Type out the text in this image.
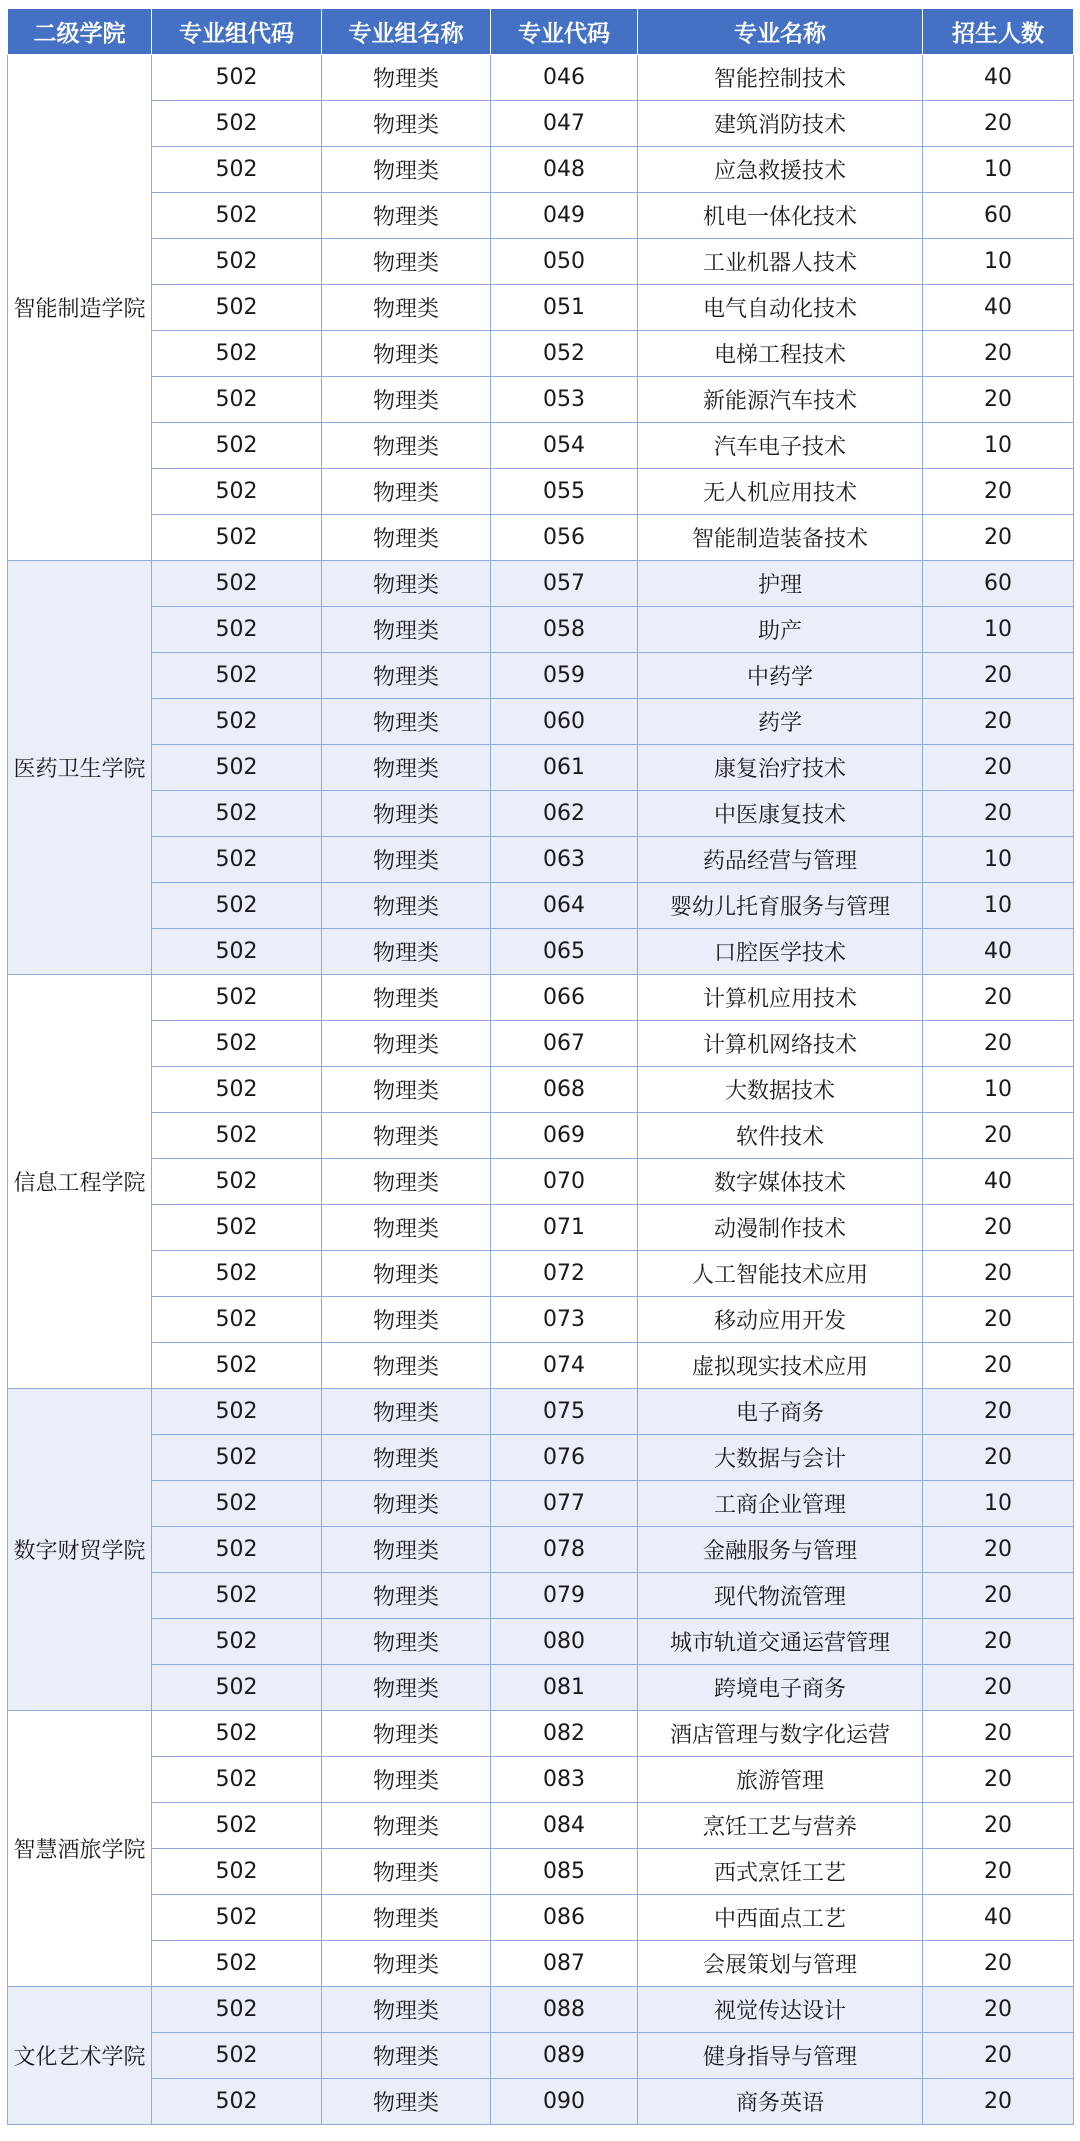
二级学院	专业组代码	专业组名称	专业代码	专业名称	招生人数
智能制造学院	502	物理类	046	智能控制技术	40
	502	物理类	047	建筑消防技术	20
	502	物理类	048	应急救援技术	10
	502	物理类	049	机电一体化技术	60
	502	物理类	050	工业机器人技术	10
	502	物理类	051	电气自动化技术	40
	502	物理类	052	电梯工程技术	20
	502	物理类	053	新能源汽车技术	20
	502	物理类	054	汽车电子技术	10
	502	物理类	055	无人机应用技术	20
	502	物理类	056	智能制造装备技术	20
医药卫生学院	502	物理类	057	护理	60
	502	物理类	058	助产	10
	502	物理类	059	中药学	20
	502	物理类	060	药学	20
	502	物理类	061	康复治疗技术	20
	502	物理类	062	中医康复技术	20
	502	物理类	063	药品经营与管理	10
	502	物理类	064	婴幼儿托育服务与管理	10
	502	物理类	065	口腔医学技术	40
信息工程学院	502	物理类	066	计算机应用技术	20
	502	物理类	067	计算机网络技术	20
	502	物理类	068	大数据技术	10
	502	物理类	069	软件技术	20
	502	物理类	070	数字媒体技术	40
	502	物理类	071	动漫制作技术	20
	502	物理类	072	人工智能技术应用	20
	502	物理类	073	移动应用开发	20
	502	物理类	074	虚拟现实技术应用	20
数字财贸学院	502	物理类	075	电子商务	20
	502	物理类	076	大数据与会计	20
	502	物理类	077	工商企业管理	10
	502	物理类	078	金融服务与管理	20
	502	物理类	079	现代物流管理	20
	502	物理类	080	城市轨道交通运营管理	20
	502	物理类	081	跨境电子商务	20
智慧酒旅学院	502	物理类	082	酒店管理与数字化运营	20
	502	物理类	083	旅游管理	20
	502	物理类	084	烹饪工艺与营养	20
	502	物理类	085	西式烹饪工艺	20
	502	物理类	086	中西面点工艺	40
	502	物理类	087	会展策划与管理	20
文化艺术学院	502	物理类	088	视觉传达设计	20
	502	物理类	089	健身指导与管理	20
	502	物理类	090	商务英语	20
